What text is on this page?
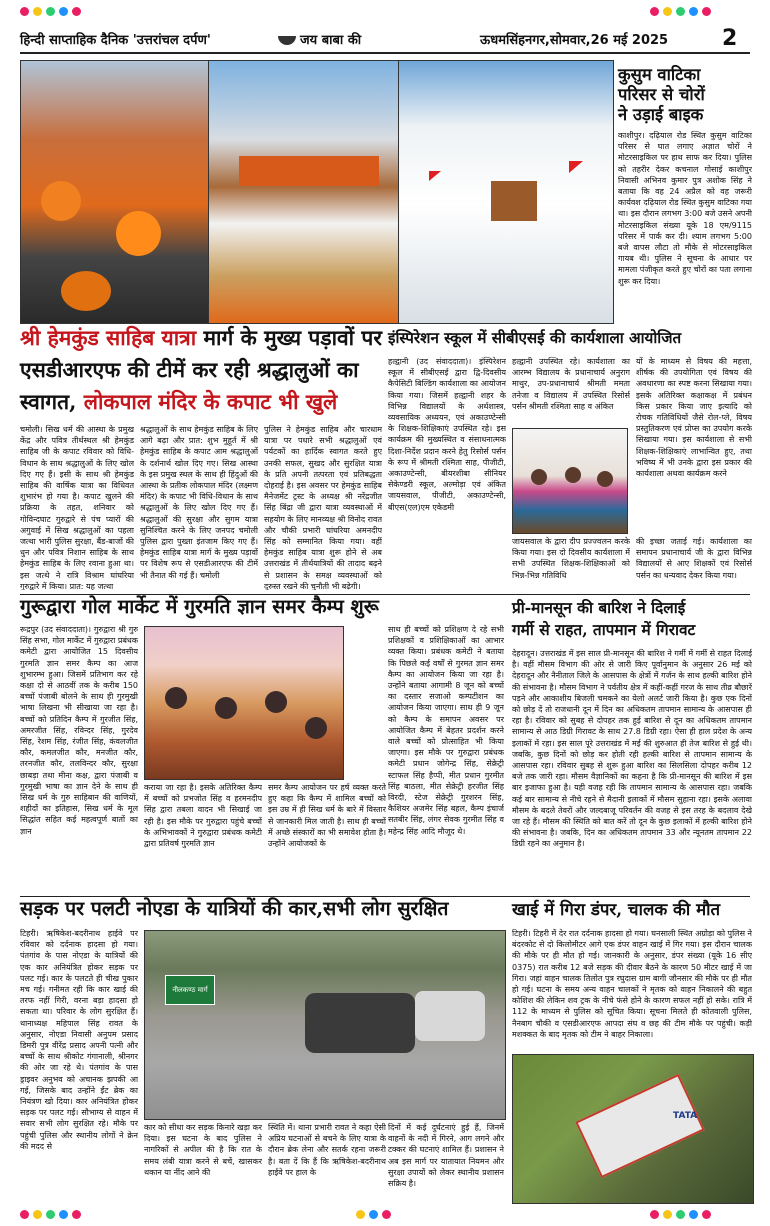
हिन्दी साप्ताहिक दैनिक 'उत्तरांचल दर्पण'	जय बाबा की	ऊधमसिंहनगर,सोमवार,26 मई 2025 2
कुसुम वाटिका
परिसर से चोरों
ने उड़ाई बाइक
काशीपुर। दढ़ियाल रोड स्थित कुसुम वाटिका परिसर से घात लगाए अज्ञात चोरों ने मोटरसाइकिल पर हाथ साफ कर दिया। पुलिस को तहरीर देकर कचनाल गोसाई काशीपुर निवासी अभिनव कुमार पुत्र अशोक सिंह ने बताया कि वह 24 अप्रैल को वह जरूरी कार्यवश दढ़ियाल रोड स्थित कुसुम वाटिका गया था। इस दौरान लगभग 3:00 बजे उसने अपनी मोटरसाइकिल संख्या यूके 18 एम/9115 परिसर में पार्क कर दी। श्याम लगभग 5:00 बजे वापस लौटा तो मौके से मोटरसाइकिल गायब थी। पुलिस ने सूचना के आधार पर मामला पंजीकृत करते हुए चोरों का पता लगाना शुरू कर दिया।
श्री हेमकुंड साहिब यात्रा मार्ग के मुख्य पड़ावों पर
एसडीआरएफ की टीमें कर रही श्रद्धालुओं का
स्वागत, लोकपाल मंदिर के कपाट भी खुले
चमोली। सिख धर्म की आस्था के प्रमुख केंद्र और पवित्र तीर्थस्थल श्री हेमकुंड साहिब जी के कपाट रविवार को विधि-विधान के साथ श्रद्धालुओं के लिए खोल दिए गए हैं। इसी के साथ श्री हेमकुंड साहिब की वार्षिक यात्रा का विधिवत शुभारंभ हो गया है। कपाट खुलने की प्रक्रिया के तहत, शनिवार को गोविन्दघाट गुरुद्वारे से पंच प्यारों की अगुवाई में सिख श्रद्धालुओं का पहला जत्था भारी पुलिस सुरक्षा, बैंड-बाजों की धुन और पवित्र निशान साहिब के साथ हेमकुंड साहिब के लिए रवाना हुआ था। इस जत्थे ने रात्रि विश्राम घांघरिया गुरुद्वारे में किया। प्रात: यह जत्था
श्रद्धालुओं के साथ हेमकुंड साहिब के लिए आगे बढ़ा और प्रात: शुभ मुहूर्त में श्री हेमकुंड साहिब के कपाट आम श्रद्धालुओं के दर्शनार्थ खोल दिए गए। सिख आस्था के इस प्रमुख स्थल के साथ ही हिंदुओं की आस्था के प्रतीक लोकपाल मंदिर (लक्ष्मण मंदिर) के कपाट भी विधि-विधान के साथ श्रद्धालुओं के लिए खोल दिए गए हैं। श्रद्धालुओं की सुरक्षा और सुगम यात्रा सुनिश्चित करने के लिए जनपद चमोली पुलिस द्वारा पुख्ता इंतजाम किए गए हैं। हेमकुंड साहिब यात्रा मार्ग के मुख्य पड़ावों पर विशेष रूप से एसडीआरएफ की टीमें भी तैनात की गई हैं। चमोली
पुलिस ने हेमकुंड साहिब और चारधाम यात्रा पर पधारे सभी श्रद्धालुओं एवं पर्यटकों का हार्दिक स्वागत करते हुए उनकी सफल, सुखद और सुरक्षित यात्रा के प्रति अपनी तत्परता एवं प्रतिबद्धता दोहराई है। इस अवसर पर हेमकुंड साहिब मैनेजमेंट ट्रस्ट के अध्यक्ष श्री नरेंद्रजीत सिंह बिंद्रा जी द्वारा यात्रा व्यवस्थाओं में सहयोग के लिए मानव्यक्ष श्री विनोद रावत और चौकी प्रभारी घांघरिया अमनदीप सिंह को सम्मानित किया गया। वहीं हेमकुंड साहिब यात्रा शुरू होने से अब उत्तराखंड में तीर्थयात्रियों की तादाद बढ़ने से प्रशासन के समक्ष व्यवस्थाओं को दुरुस्त रखने की चुनौती भी बढ़ेगी।
इंस्पिरेशन स्कूल में सीबीएसई की कार्यशाला आयोजित
हल्द्वानी (उद संवाददाता)। इंस्पिरेशन स्कूल में सीबीएसई द्वारा द्वि-दिवसीय कैपेसिटी बिल्डिंग कार्यशाला का आयोजन किया गया। जिसमें हल्द्वानी शहर के विभिन्न विद्यालयों के अर्थशास्त्र, व्यवसायिक अध्ययन, एवं अकाउण्टेन्सी के शिक्षक-शिक्षिकाएं उपस्थित रहे। इस कार्यक्रम की मुख्यस्थित व संसाधनात्मक दिशा-निर्देश प्रदान करने हेतु रिसोर्स पर्सन के रूप में श्रीमती रश्मिता साह, पीजीटी, अकाउण्टेन्सी, बीयरशीबा सीनियर सेकेण्डरी स्कूल, अल्मोड़ा एवं अंकित जायसवाल, पीजीटी, अकाउण्टेन्सी, बीएस(एल)एम एकेडमी
हल्द्वानी उपस्थित रहे। कार्यशाला का आरम्भ विद्यालय के प्रधानाचार्य अनुराग माथुर, उप-प्रधानाचार्य श्रीमती ममता तनेजा व विद्यालय में उपस्थित रिसोर्स पर्सन श्रीमती रश्मिता साह व अंकित
जायसवाल के द्वारा दीप प्रज्ज्वलन करके किया गया। इस दो दिवसीय कार्यशाला में सभी उपस्थित शिक्षक-शिक्षिकाओं को भिन्न-भिन्न गतिविधि
यों के माध्यम से विषय की महत्ता, शीर्षक की उपयोगिता एवं विषय की अवधारणा का स्पष्ट करना सिखाया गया। इसके अतिरिक्त कक्षाकक्ष में प्रबंधन किस प्रकार किया जाए इत्यादि को रोचक गतिविधियों जैसे रोल-प्ले, विषय प्रस्तुतिकरण एवं प्रोप्स का उपयोग करके सिखाया गया। इस कार्यशाला से सभी शिक्षक-शिक्षिकाएं लाभान्वित हुए, तथा भविष्य में भी उनके द्वारा इस प्रकार की कार्यशाला अथवा कार्यक्रम करने
की इच्छा जताई गई। कार्यशाला का समापन प्रधानाचार्य जी के द्वारा विभिन्न विद्यालयों से आए शिक्षकों एवं रिसोर्स पर्सन का धन्यवाद देकर किया गया।
गुरूद्वारा गोल मार्केट में गुरमति ज्ञान समर कैम्प शुरू
रूद्रपुर (उद संवाददाता)। गुरुद्वारा श्री गुरु सिंह सभा, गोल मार्केट में गुरुद्वारा प्रबंधक कमेटी द्वारा आयोजित 15 दिवसीय गुरमति ज्ञान समर कैम्प का आज शुभारम्भ हुआ। जिसमें प्रतिभाग कर रहे कक्षा दो से आठवीं तक के करीब 150 बच्चों पंजाबी बोलने के साथ ही गुरमुखी भाषा लिखना भी सीखाया जा रहा है। बच्चों को प्रतिदिन कैम्प में गुरजीत सिंह, अमरजीत सिंह, रविन्दर सिंह, गुरदेव सिंह, रेशम सिंह, रंजीत सिंह, कंवलजीत कौर, कमलजीत कौर, मनजीत कौर, तरनजीत कौर, तलविन्दर कौर, सुरक्षा छाबड़ा तथा मीना कक्ष, द्वारा पंजाबी व गुरमुखी भाषा का ज्ञान देने के साथ ही सिख धर्म के गुरु साहिबान की वाणियों, शहीदों का इतिहास, सिख धर्म के मूल सिद्धांत सहित कई महत्वपूर्ण बातों का ज्ञान
कराया जा रहा है। इसके अतिरिक्त कैम्प में बच्चों को प्रभजोत सिंह व हरमनदीप सिंह द्वारा तबला वादन भी सिखाई जा रही है। इस मौके पर गुरुद्वारा पहुंचे बच्चों के अभिभावकों ने गुरुद्वारा प्रबंधक कमेटी द्वारा प्रतिवर्ष गुरमति ज्ञान
समर कैम्प आयोजन पर हर्ष व्यक्त करते हुए कहा कि कैम्प में शामिल बच्चों को इस उम्र में ही सिख धर्म के बारे में विस्तार से जानकारी मिल जाती है। साथ ही बच्चों में अच्छे संस्कारों का भी समावेश होता है। उन्होंने आयोजकों के
साथ ही बच्चों को प्रशिक्षण दे रहे सभी प्रशिक्षकों व प्रशिक्षिकाओं का आभार व्यक्त किया। प्रबंधक कमेटी ने बताया कि पिछले कई वर्षों से गुरमत ज्ञान समर कैम्प का आयोजन किया जा रहा है। उन्होंने बताया आगामी 8 जून को बच्चों का दस्तार सजाओ कम्पटीशन का आयोजन किया जाएगा। साथ ही 9 जून को कैम्प के समापन अवसर पर आयोजित कैम्प में बेहतर प्रदर्शन करने वाले बच्चों को प्रोत्साहित भी किया जाएगा। इस मौके पर गुरुद्वारा प्रबंधक कमेटी प्रधान जोगेन्द्र सिंह, सेक्रेट्री स्टाफल सिंह हैप्पी, मीत प्रधान गुरमीत सिंह बाठला, मीत सेक्रेट्री हरजीत सिंह विरदी, स्टेज सेक्रेट्री गुरशरन सिंह, कैशियर अजमेर सिंह बहल, कैम्प इंचार्ज सतबीर सिंह, लंगर सेवक गुरमीत सिंह व महेन्द्र सिंह आदि मौजूद थे।
प्री-मानसून की बारिश ने दिलाई
गर्मी से राहत, तापमान में गिरावट
देहरादून। उत्तराखंड में इस साल प्री-मानसून की बारिश ने गर्मी में गर्मी से राहत दिलाई है। वहीं मौसम विभाग की ओर से जारी किए पूर्वानुमान के अनुसार 26 मई को देहरादून और नैनीताल जिले के आसपास के क्षेत्रों में गर्जन के साथ हल्की बारिश होने की संभावना है। मौसम विभाग ने पर्वतीय क्षेत्र में कहीं-कहीं गरज के साथ तीव्र बौछारें पड़ने और आकाशीय बिजली चमकने का येलो अलर्ट जारी किया है। कुछ एक दिनों को छोड़ दें तो राजधानी दून में दिन का अधिकतम तापमान सामान्य के आसपास ही रहा है। रविवार को सुबह से दोपहर तक हुई बारिश से दून का अधिकतम तापमान सामान्य से आठ डिग्री गिरावट के साथ 27.8 डिग्री रहा। ऐसा ही हाल प्रदेश के अन्य इलाकों में रहा। इस साल पूरे उत्तराखंड में मई की शुरुआत ही तेज बारिश से हुई थी। जबकि, कुछ दिनों को छोड़ कर होती रही हल्की बारिश से तापमान सामान्य के आसपास रहा। रविवार सुबह से शुरू हुआ बारिश का सिलसिला दोपहर करीब 12 बजे तक जारी रहा। मौसम वैज्ञानिकों का कहना है कि प्री-मानसून की बारिश में इस बार इजाफा हुआ है। यही वजह रही कि तापमान सामान्य के आसपास रहा। जबकि कई बार सामान्य से नीचे रहने से मैदानी इलाकों में मौसम सुहाना रहा। इसके अलावा मौसम के बदले तेवरों और जल्दबाजू परिवर्तन की वजह से इस तरह के बदलाव देखे जा रहे हैं। मौसम की स्थिति को बात करें तो दून के कुछ इलाकों में हल्की बारिश होने की संभावना है। जबकि, दिन का अधिकतम तापमान 33 और न्यूनतम तापमान 22 डिग्री रहने का अनुमान है।
सड़क पर पलटी नोएडा के यात्रियों की कार,सभी लोग सुरक्षित
टिहरी। ऋषिकेश-बदरीनाथ हाईवे पर रविवार को दर्दनाक हादसा हो गया। पंतगांव के पास नोएडा के यात्रियों की एक कार अनियंत्रित होकर सड़क पर पलट गई। कार के पलटते ही चीख पुकार मच गई। गनीमत रही कि कार खाई की तरफ नहीं गिरी, वरना बड़ा हादसा हो सकता था। परिवार के लोग सुरक्षित हैं। थानाध्यक्ष महिपाल सिंह रावत के अनुसार, नोएडा निवासी अनुपम प्रसाद डिमरी पुत्र वीरेंद्र प्रसाद अपनी पत्नी और बच्चों के साथ श्रीकोट गंगानाली, श्रीनगर की ओर जा रहे थे। पंतगांव के पास ड्राइवर अनुभव को अचानक झपकी आ गई, जिसके बाद उन्होंने ईंट ब्रेक का नियंत्रण खो दिया। कार अनियंत्रित होकर सड़क पर पलट गई। सौभाग्य से वाहन में सवार सभी लोग सुरक्षित रहे। मौके पर पहुंची पुलिस और स्थानीय लोगों ने क्रेन की मदद से
नीलकण्ठ मार्ग
कार को सीधा कर सड़क किनारे खड़ा कर दिया। इस घटना के बाद पुलिस ने नागरिकों से अपील की है कि रात के समय लंबी यात्रा करने से बचें, खासकर थकान या नींद आने की
स्थिति में। थाना प्रभारी रावत ने कहा ऐसी अप्रिय घटनाओं से बचने के लिए यात्रा के दौरान ब्रेक लेना और सतर्क रहना जरूरी है। बता दें कि हैं कि ऋषिकेश-बदरीनाथ हाईवे पर हाल के
दिनों में कई दुर्घटनाएं हुई हैं, जिनमें वाहनों के नदी में गिरने, आग लगने और टक्कर की घटनाएं शामिल हैं। प्रशासन ने अब इस मार्ग पर यातायात नियमन और सुरक्षा उपायों को लेकर स्थानीय प्रशासन सक्रिय है।
खाई में गिरा डंपर, चालक की मौत
टिहरी। टिहरी में देर रात दर्दनाक हादसा हो गया। घनसाली स्थित अग्रोड़ा को पुलिस ने बंदरकोट से दो किलोमीटर आगे एक डंपर वाहन खाई में गिर गया। इस दौरान चालक की मौके पर ही मौत हो गई। जानकारी के अनुसार, डंपर संख्या (यूके 16 सीए 0375) रात करीब 12 बजे सड़क की दीवार बैठने के कारण 50 मीटर खाई में जा गिरा। जहां वाहन चालक तिलोत पुत्र रघुदास ग्राम बागी जौनसार की मौके पर ही मौत हो गई। घटना के समय अन्य वाहन चालकों ने मृतक को वाहन निकालने की बहुत कोशिश की लेकिन शव ट्रक के नीचे फंसे होने के कारण सफल नहीं हो सके। रात्रि में 112 के माध्यम से पुलिस को सूचित किया। सूचना मिलते ही कोतवाली पुलिस, नैनबाग चौकी व एसडीआरएफ आपदा संघ व छह की टीम मौके पर पहुंची। कड़ी मशक्कत के बाद मृतक को टीम ने बाहर निकाला।
TATA
